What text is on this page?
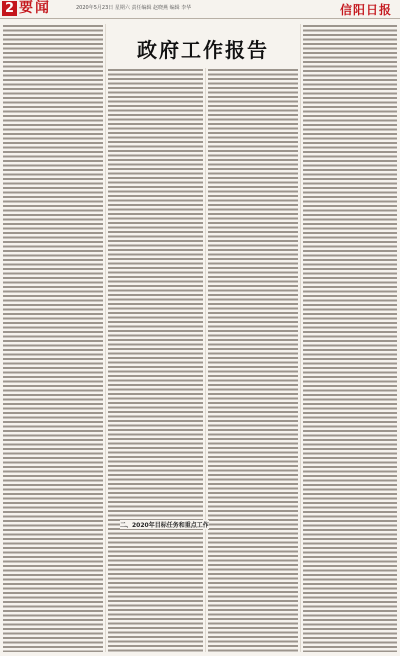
2 要闻	2020年5月23日 星期六 责任编辑 赵晓燕 编辑 李华	信阳日报
政府工作报告
二、2020年目标任务和重点工作
